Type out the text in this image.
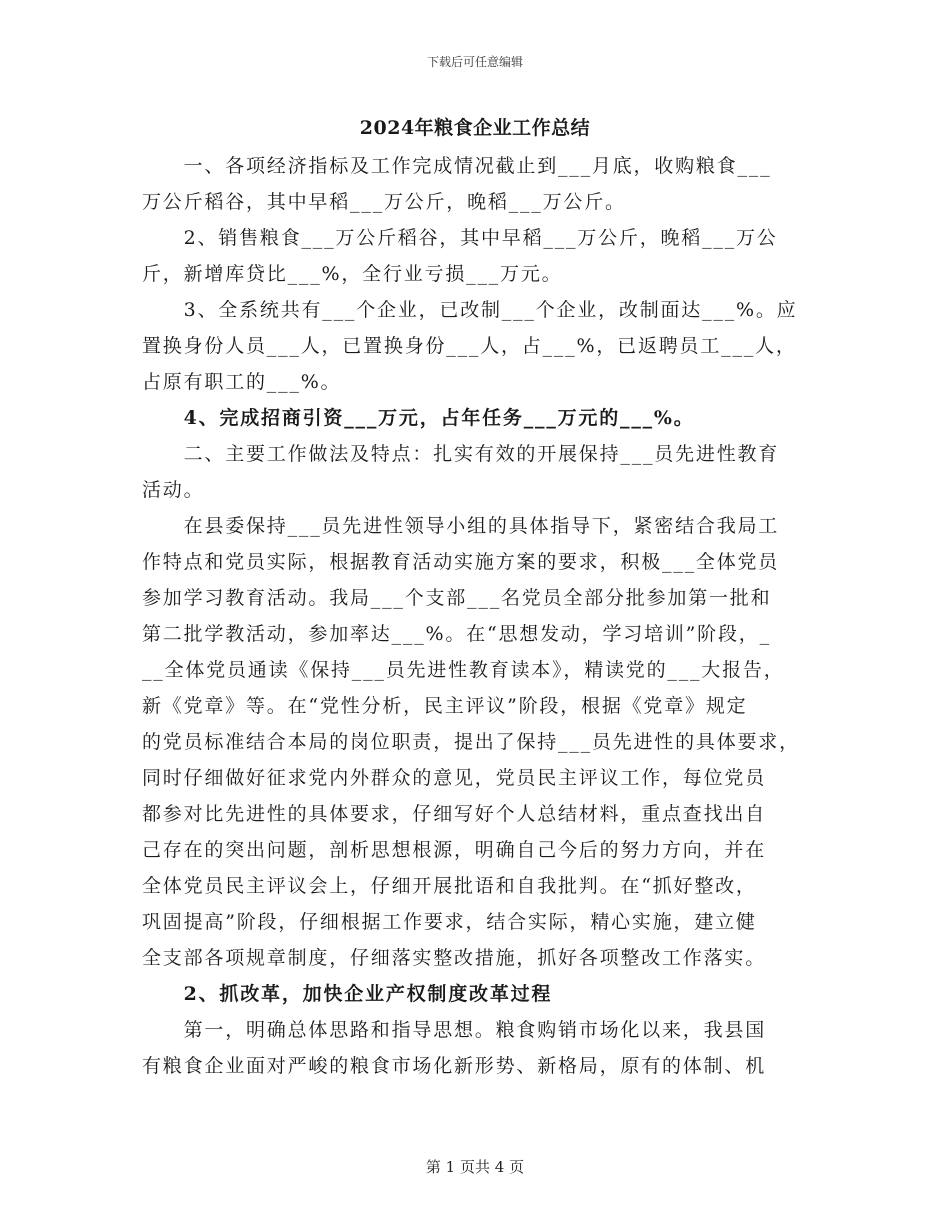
下载后可任意编辑
2024年粮食企业工作总结
　　一、各项经济指标及工作完成情况截止到___月底，收购粮食___
万公斤稻谷，其中早稻___万公斤，晚稻___万公斤。
　　2、销售粮食___万公斤稻谷，其中早稻___万公斤，晚稻___万公
斤，新增库贷比___%，全行业亏损___万元。
　　3、全系统共有___个企业，已改制___个企业，改制面达___%。应
置换身份人员___人，已置换身份___人，占___%，已返聘员工___人，
占原有职工的___%。
　　4、完成招商引资___万元，占年任务___万元的___%。
　　二、主要工作做法及特点：扎实有效的开展保持___员先进性教育
活动。
　　在县委保持___员先进性领导小组的具体指导下，紧密结合我局工
作特点和党员实际，根据教育活动实施方案的要求，积极___全体党员
参加学习教育活动。我局___个支部___名党员全部分批参加第一批和
第二批学教活动，参加率达___%。在“思想发动，学习培训”阶段，_
__全体党员通读《保持___员先进性教育读本》，精读党的___大报告，
新《党章》等。在“党性分析，民主评议”阶段，根据《党章》规定
的党员标准结合本局的岗位职责，提出了保持___员先进性的具体要求，
同时仔细做好征求党内外群众的意见，党员民主评议工作，每位党员
都参对比先进性的具体要求，仔细写好个人总结材料，重点查找出自
己存在的突出问题，剖析思想根源，明确自己今后的努力方向，并在
全体党员民主评议会上，仔细开展批语和自我批判。在“抓好整改，
巩固提高”阶段，仔细根据工作要求，结合实际，精心实施，建立健
全支部各项规章制度，仔细落实整改措施，抓好各项整改工作落实。
　　2、抓改革，加快企业产权制度改革过程
　　第一，明确总体思路和指导思想。粮食购销市场化以来，我县国
有粮食企业面对严峻的粮食市场化新形势、新格局，原有的体制、机
第 1 页共 4 页
